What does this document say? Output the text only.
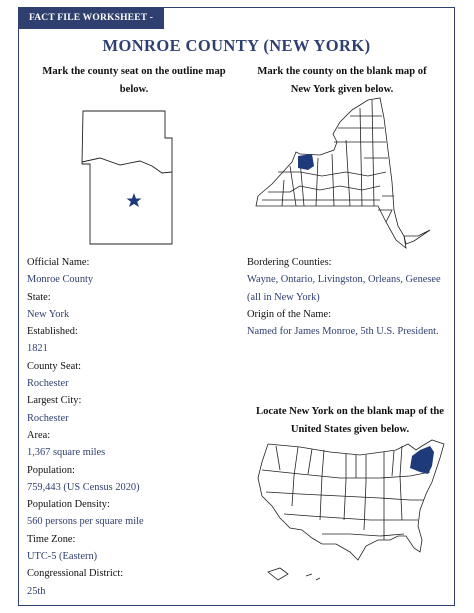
FACT FILE WORKSHEET - KEY MONROE COUNTY (NEW YORK)
Mark the county seat on the outline map
below.
Mark the county on the blank map of
New York given below.
Official Name:
Monroe County
State:
New York
Established:
1821
County Seat:
Rochester
Largest City:
Rochester
Area:
1,367 square miles
Population:
759,443 (US Census 2020)
Population Density:
560 persons per square mile
Time Zone:
UTC-5 (Eastern)
Congressional District:
25th
Bordering Counties:
Wayne, Ontario, Livingston, Orleans, Genesee
(all in New York)
Origin of the Name:
Named for James Monroe, 5th U.S. President.
Locate New York on the blank map of the
United States given below.
